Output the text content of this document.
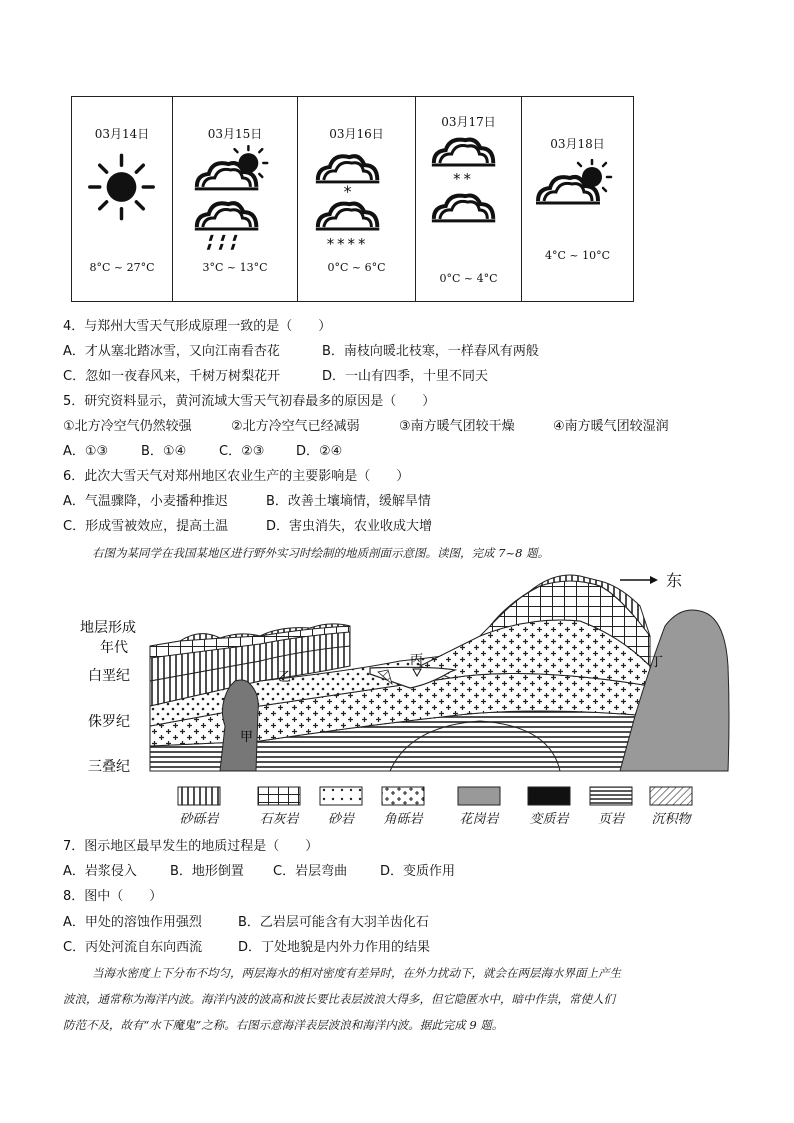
03月14日
8°C ~ 27°C
03月15日
3°C ~ 13°C
03月16日
*
****
0°C ~ 6°C
03月17日
**
0°C ~ 4°C
03月18日
4°C ~ 10°C
4．与郑州大雪天气形成原理一致的是（　　）
A．才从塞北踏冰雪，又向江南看杏花	B．南枝向暖北枝寒，一样春风有两般
C．忽如一夜春风来，千树万树梨花开	D．一山有四季，十里不同天
5．研究资料显示，黄河流域大雪天气初春最多的原因是（　　）
①北方冷空气仍然较强	②北方冷空气已经减弱	③南方暖气团较干燥	④南方暖气团较湿润
A．①③	B．①④	C．②③ D．②④
6．此次大雪天气对郑州地区农业生产的主要影响是（　　）
A．气温骤降，小麦播种推迟	B．改善土壤墒情，缓解旱情
C．形成雪被效应，提高土温	D．害虫消失，农业收成大增
右图为某同学在我国某地区进行野外实习时绘制的地质剖面示意图。读图，完成 7~8 题。
东
地层形成
年代
白垩纪
侏罗纪
三叠纪
甲
乙
丙	丁
砂砾岩	石灰岩	砂岩	角砾岩	花岗岩	变质岩	页岩	沉积物
7．图示地区最早发生的地质过程是（　　）
A．岩浆侵入	B．地形倒置 C．岩层弯曲	D．变质作用
8．图中（　　）
A．甲处的溶蚀作用强烈	B．乙岩层可能含有大羽羊齿化石
C．丙处河流自东向西流	D．丁处地貌是内外力作用的结果
当海水密度上下分布不均匀，两层海水的相对密度有差异时，在外力扰动下，就会在两层海水界面上产生
波浪，通常称为海洋内波。海洋内波的波高和波长要比表层波浪大得多，但它隐匿水中，暗中作祟，常使人们
防范不及，故有“水下魔鬼”之称。右图示意海洋表层波浪和海洋内波。据此完成 9 题。
